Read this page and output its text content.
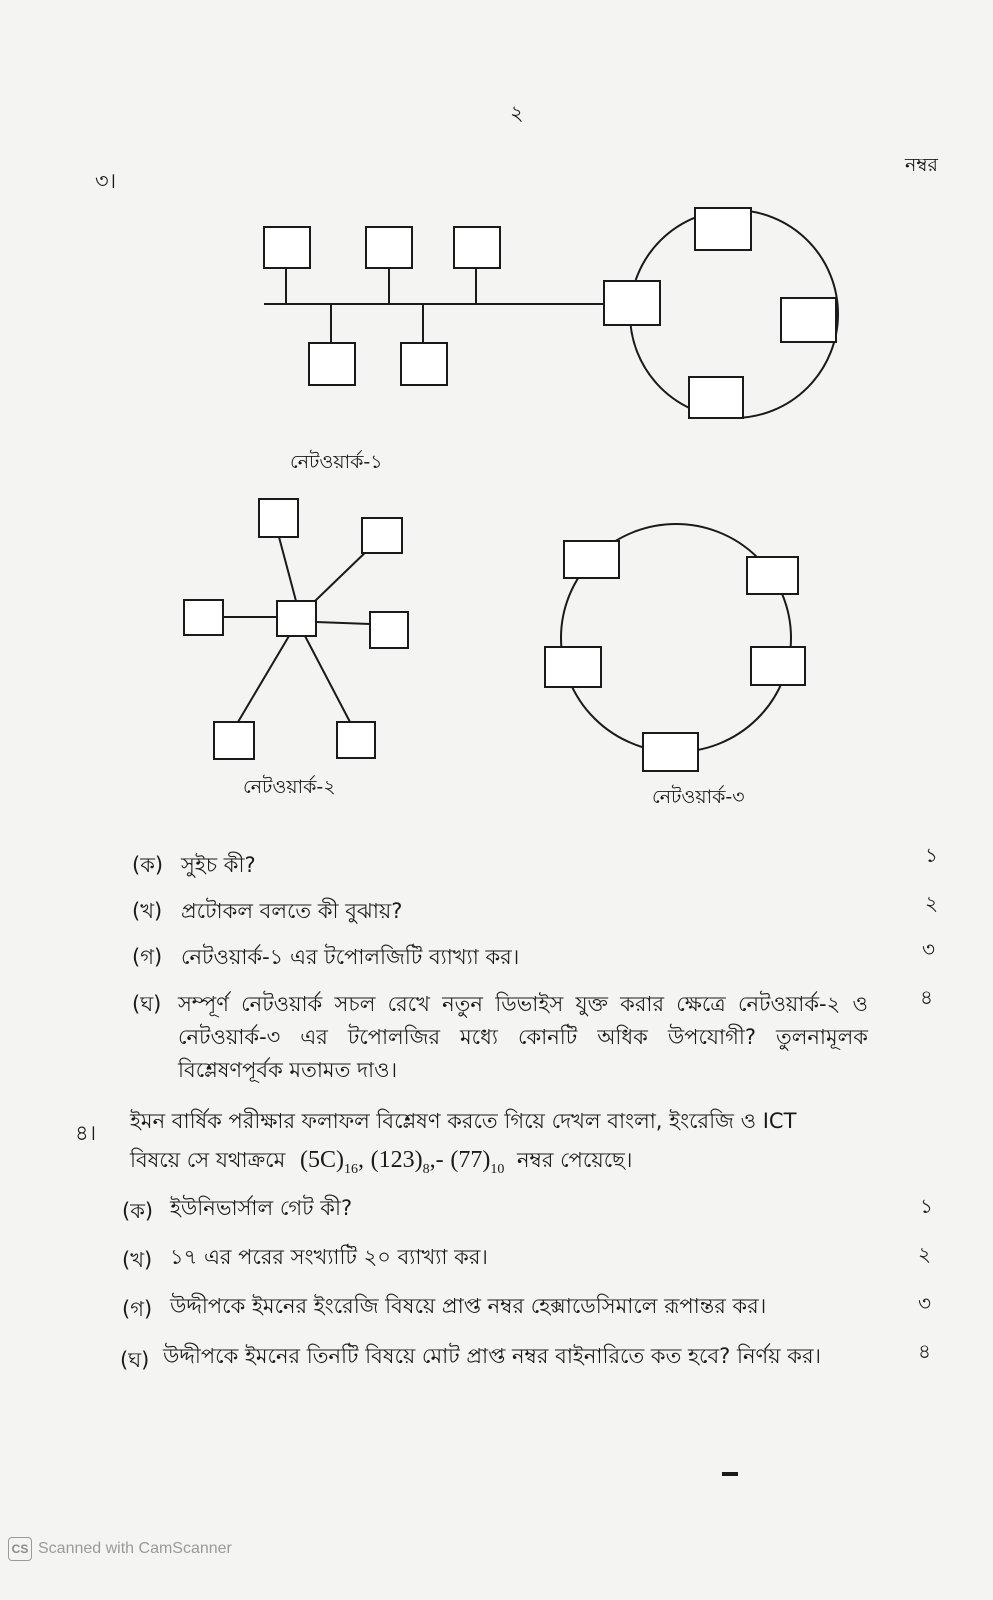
২
নম্বর
৩।
নেটওয়ার্ক-১
নেটওয়ার্ক-২	নেটওয়ার্ক-৩
(ক) সুইচ কী?	১
(খ) প্রটোকল বলতে কী বুঝায়?	২
(গ) নেটওয়ার্ক-১ এর টপোলজিটি ব্যাখ্যা কর।	৩
(ঘ) সম্পূর্ণ নেটওয়ার্ক সচল রেখে নতুন ডিভাইস যুক্ত করার ক্ষেত্রে নেটওয়ার্ক-২ ও নেটওয়ার্ক-৩ এর টপোলজির মধ্যে কোনটি অধিক উপযোগী? তুলনামূলক বিশ্লেষণপূর্বক মতামত দাও।
৪
৪। ইমন বার্ষিক পরীক্ষার ফলাফল বিশ্লেষণ করতে গিয়ে দেখল বাংলা, ইংরেজি ও ICT
বিষয়ে সে যথাক্রমে $(5C)_{16}$, $(123)_8,-$ $(77)_{10}$ নম্বর পেয়েছে।
(ক) ইউনিভার্সাল গেট কী?	১
(খ) ১৭ এর পরের সংখ্যাটি ২০ ব্যাখ্যা কর।	২
(গ) উদ্দীপকে ইমনের ইংরেজি বিষয়ে প্রাপ্ত নম্বর হেক্সাডেসিমালে রূপান্তর কর।	৩
(ঘ) উদ্দীপকে ইমনের তিনটি বিষয়ে মোট প্রাপ্ত নম্বর বাইনারিতে কত হবে? নির্ণয় কর।	৪
CS Scanned with CamScanner
